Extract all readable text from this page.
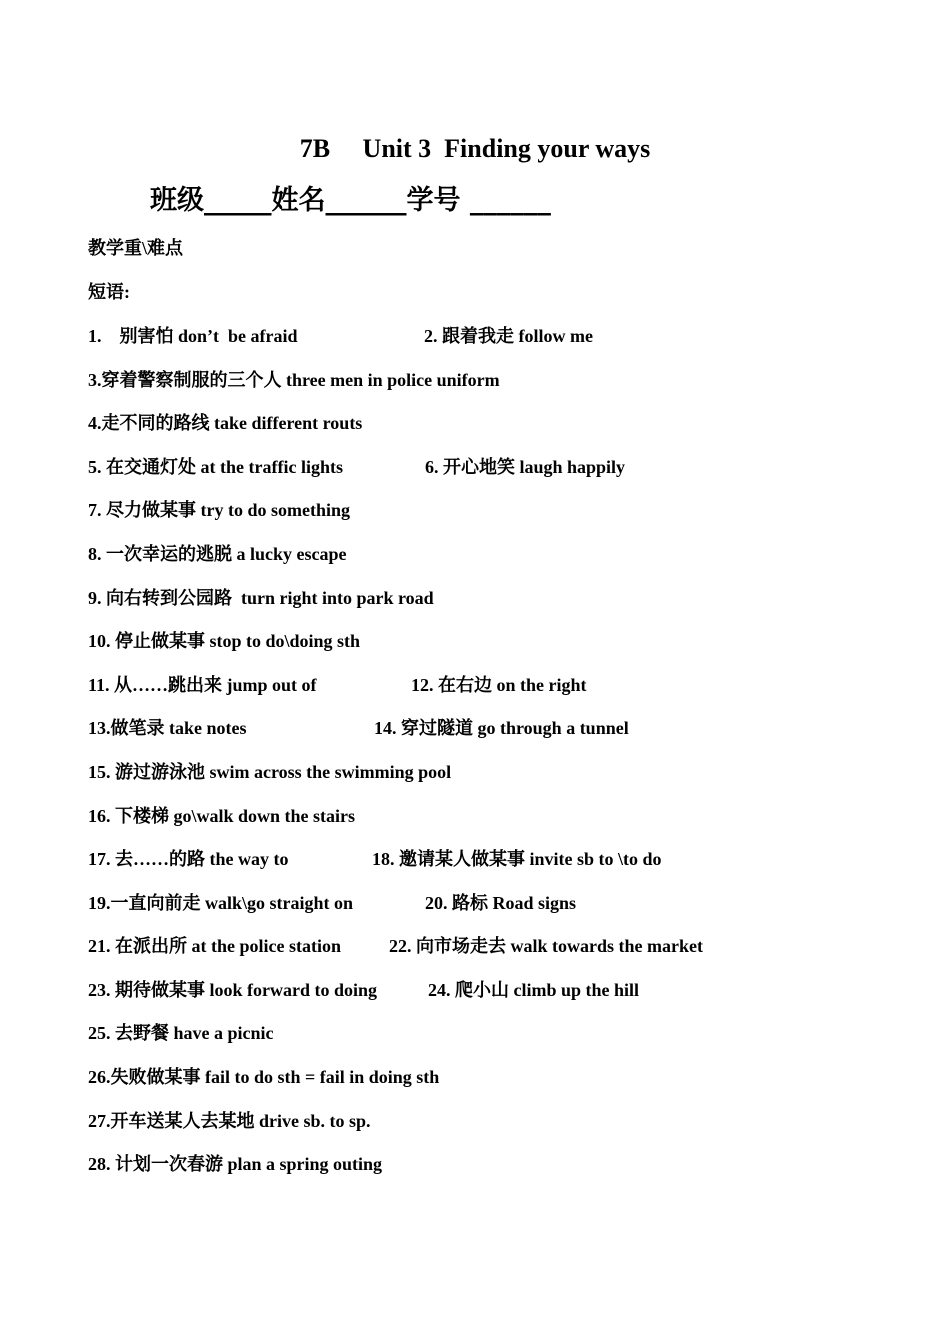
7B     Unit 3  Finding your ways
班级_____姓名______学号 ______
教学重\难点
短语:
1.    别害怕 don’t  be afraid	2. 跟着我走 follow me
3.穿着警察制服的三个人 three men in police uniform
4.走不同的路线 take different routs
5. 在交通灯处 at the traffic lights	6. 开心地笑 laugh happily
7. 尽力做某事 try to do something
8. 一次幸运的逃脱 a lucky escape
9. 向右转到公园路  turn right into park road
10. 停止做某事 stop to do\doing sth
11. 从……跳出来 jump out of	12. 在右边 on the right
13.做笔录 take notes	14. 穿过隧道 go through a tunnel
15. 游过游泳池 swim across the swimming pool
16. 下楼梯 go\walk down the stairs
17. 去……的路 the way to	18. 邀请某人做某事 invite sb to \to do
19.一直向前走 walk\go straight on	20. 路标 Road signs
21. 在派出所 at the police station	22. 向市场走去 walk towards the market
23. 期待做某事 look forward to doing	24. 爬小山 climb up the hill
25. 去野餐 have a picnic
26.失败做某事 fail to do sth = fail in doing sth
27.开车送某人去某地 drive sb. to sp.
28. 计划一次春游 plan a spring outing
